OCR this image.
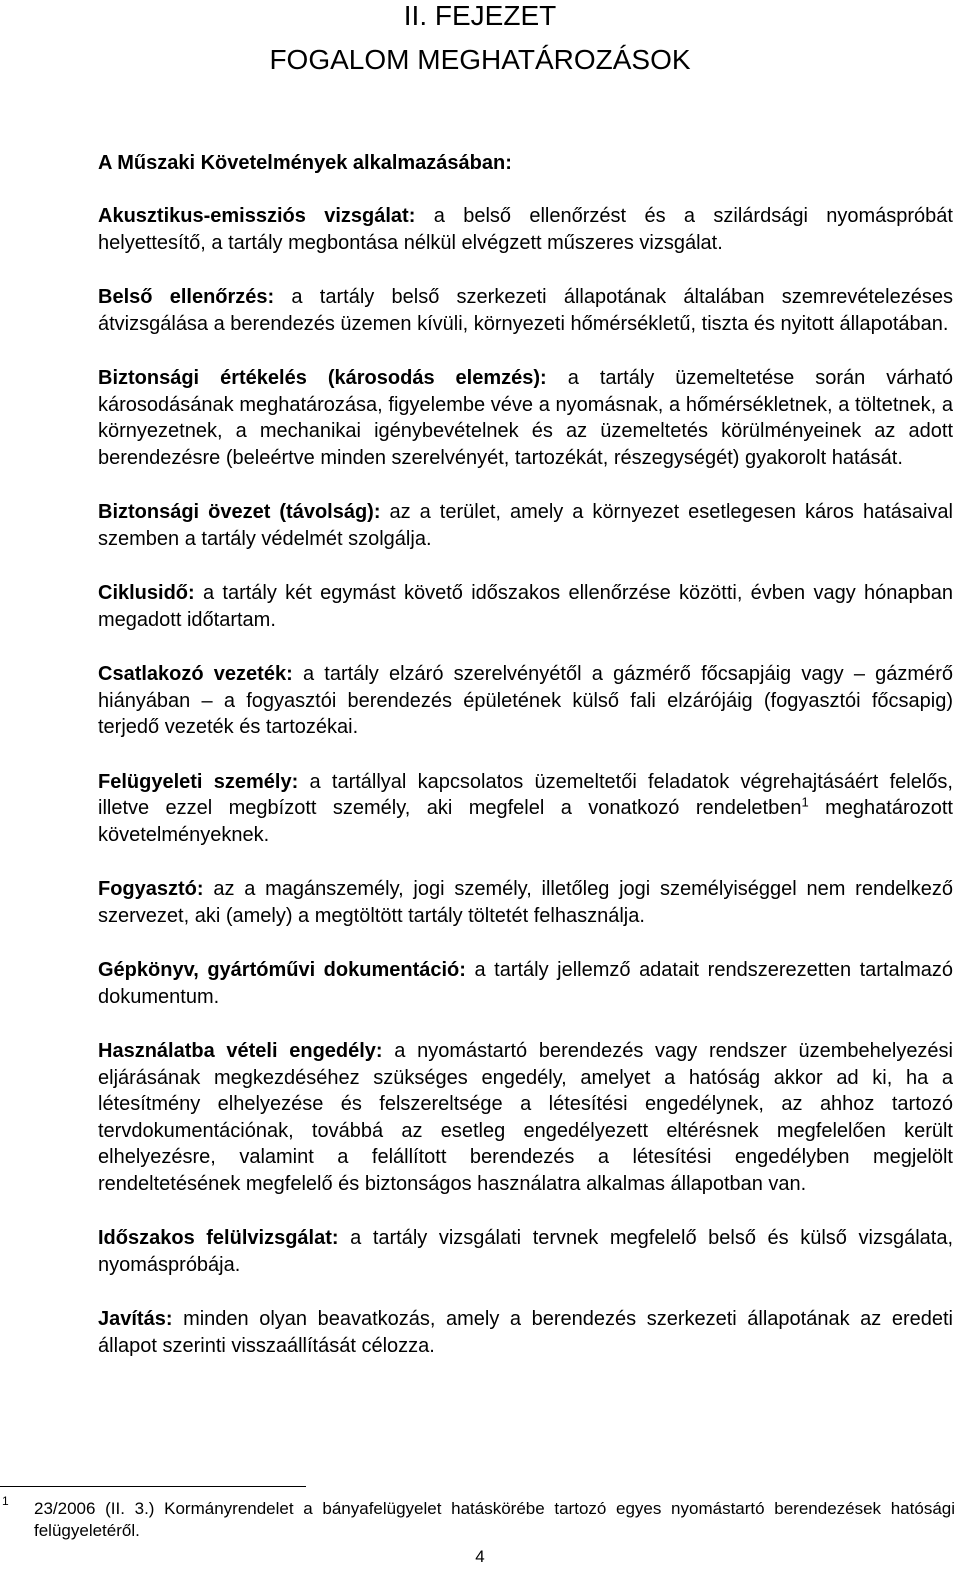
II. FEJEZET
FOGALOM MEGHATÁROZÁSOK
A Műszaki Követelmények alkalmazásában:

Akusztikus-emissziós vizsgálat: a belső ellenőrzést és a szilárdsági nyomáspróbát helyettesítő, a tartály megbontása nélkül elvégzett műszeres vizsgálat.

Belső ellenőrzés: a tartály belső szerkezeti állapotának általában szemrevételezéses átvizsgálása a berendezés üzemen kívüli, környezeti hőmérsékletű, tiszta és nyitott állapotában.

Biztonsági értékelés (károsodás elemzés): a tartály üzemeltetése során várható károsodásának meghatározása, figyelembe véve a nyomásnak, a hőmérsékletnek, a töltetnek, a környezetnek, a mechanikai igénybevételnek és az üzemeltetés körülményeinek az adott berendezésre (beleértve minden szerelvényét, tartozékát, részegységét) gyakorolt hatását.

Biztonsági övezet (távolság): az a terület, amely a környezet esetlegesen káros hatásaival szemben a tartály védelmét szolgálja.

Ciklusidő: a tartály két egymást követő időszakos ellenőrzése közötti, évben vagy hónapban megadott időtartam.

Csatlakozó vezeték: a tartály elzáró szerelvényétől a gázmérő főcsapjáig vagy – gázmérő hiányában – a fogyasztói berendezés épületének külső fali elzárójáig (fogyasztói főcsapig) terjedő vezeték és tartozékai.

Felügyeleti személy: a tartállyal kapcsolatos üzemeltetői feladatok végrehajtásáért felelős, illetve ezzel megbízott személy, aki megfelel a vonatkozó rendeletben$^1$ meghatározott követelményeknek.

Fogyasztó: az a magánszemély, jogi személy, illetőleg jogi személyiséggel nem rendelkező szervezet, aki (amely) a megtöltött tartály töltetét felhasználja.

Gépkönyv, gyártóművi dokumentáció: a tartály jellemző adatait rendszerezetten tartalmazó dokumentum.

Használatba vételi engedély: a nyomástartó berendezés vagy rendszer üzembehelyezési eljárásának megkezdéséhez szükséges engedély, amelyet a hatóság akkor ad ki, ha a létesítmény elhelyezése és felszereltsége a létesítési engedélynek, az ahhoz tartozó tervdokumentációnak, továbbá az esetleg engedélyezett eltérésnek megfelelően került elhelyezésre, valamint a felállított berendezés a létesítési engedélyben megjelölt rendeltetésének megfelelő és biztonságos használatra alkalmas állapotban van.

Időszakos felülvizsgálat: a tartály vizsgálati tervnek megfelelő belső és külső vizsgálata, nyomáspróbája.

Javítás: minden olyan beavatkozás, amely a berendezés szerkezeti állapotának az eredeti állapot szerinti visszaállítását célozza.

1 23/2006 (II. 3.) Kormányrendelet a bányafelügyelet hatáskörébe tartozó egyes nyomástartó berendezések hatósági felügyeletéről.
4
